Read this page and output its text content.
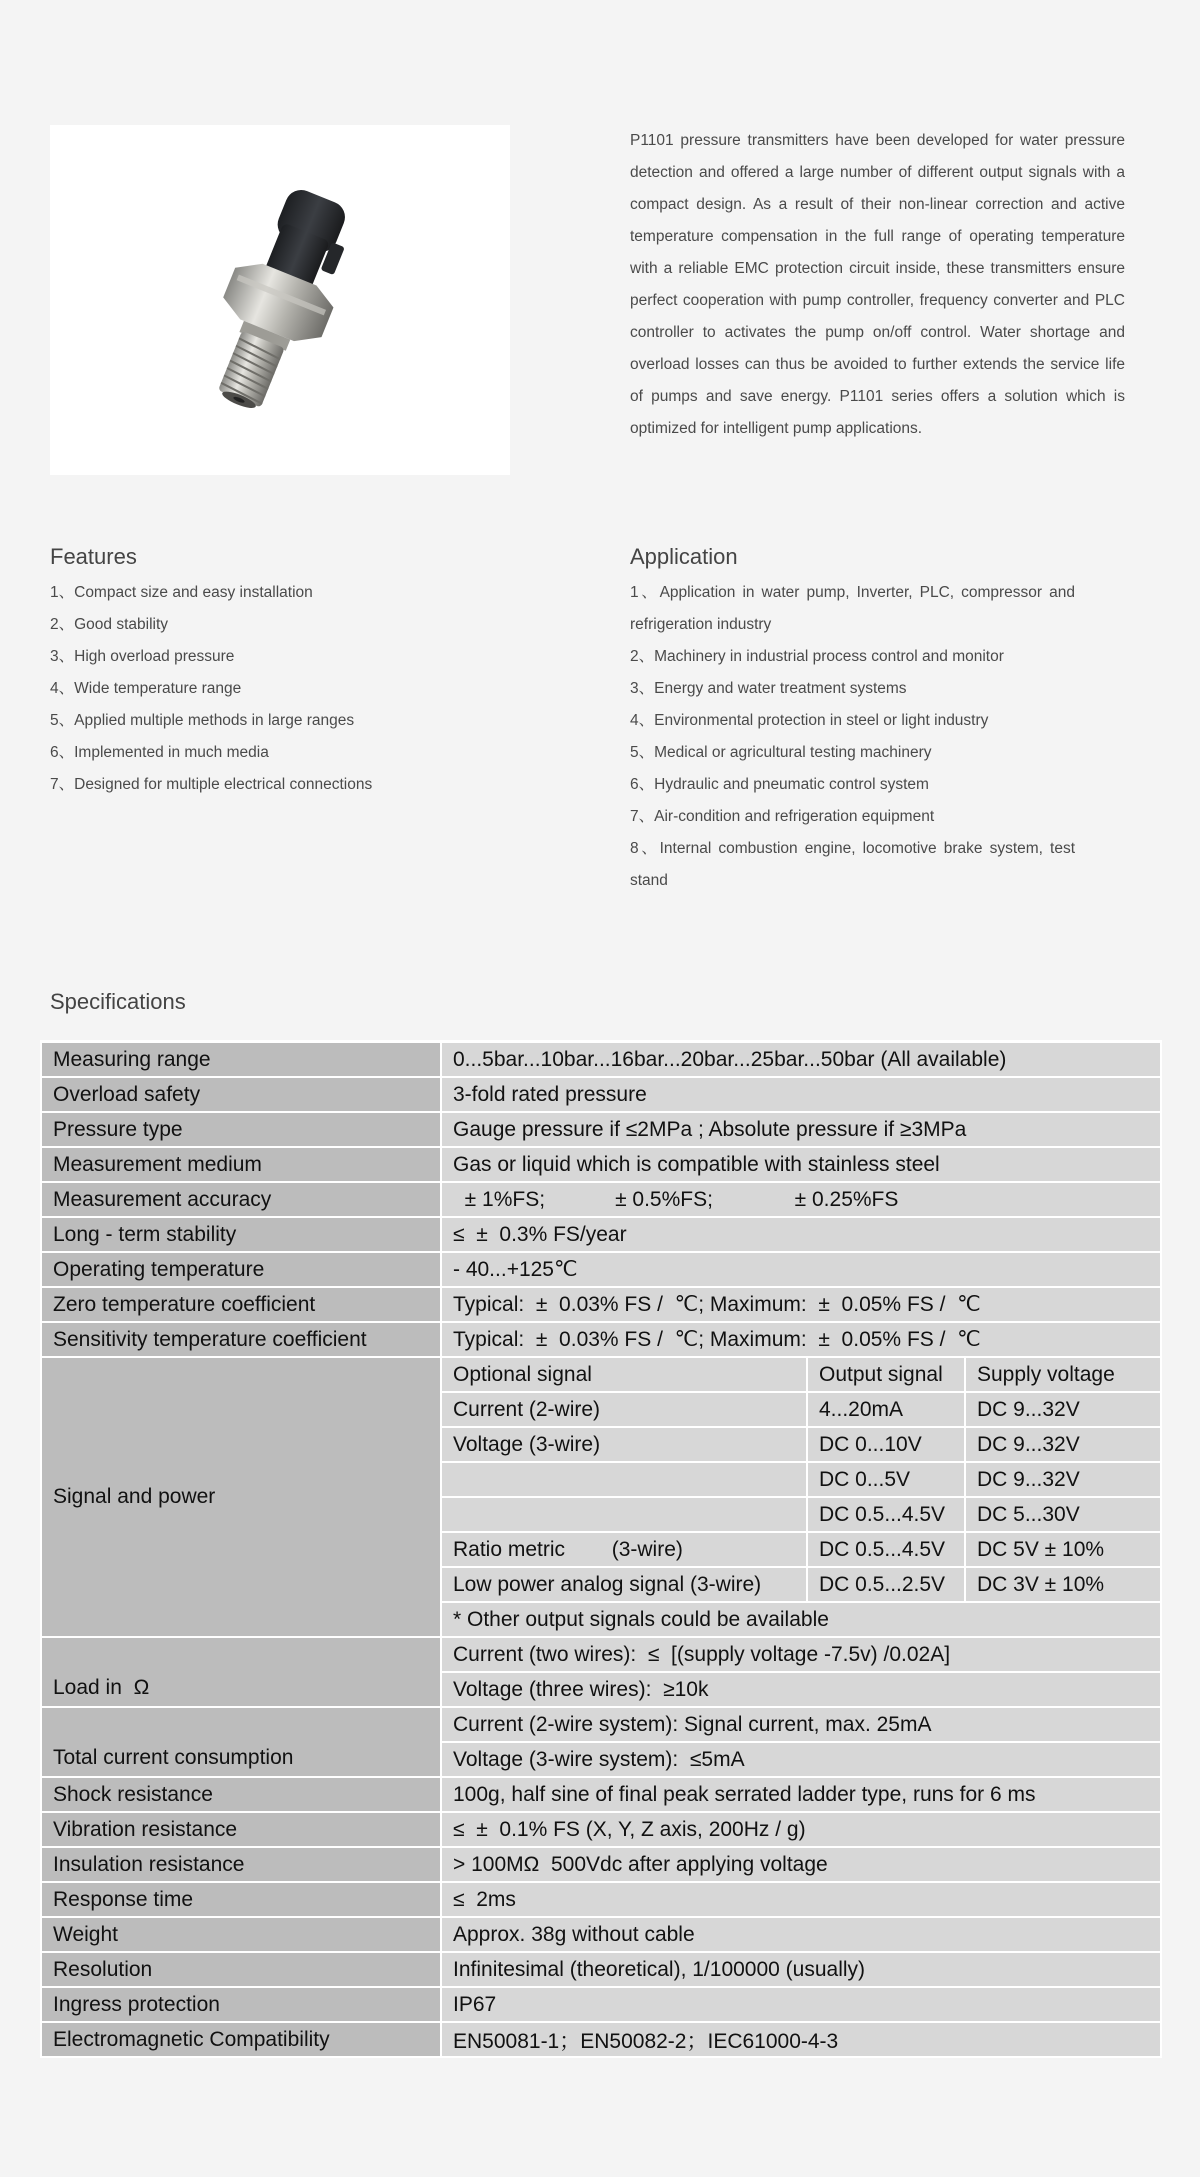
P1101 pressure transmitters have been developed for water pressure detection and offered a large number of different output signals with a compact design. As a result of their non-linear correction and active temperature compensation in the full range of operating temperature with a reliable EMC protection circuit inside, these transmitters ensure perfect cooperation with pump controller, frequency converter and PLC controller to activates the pump on/off control. Water shortage and overload losses can thus be avoided to further extends the service life of pumps and save energy. P1101 series offers a solution which is optimized for intelligent pump applications.

Features
1、Compact size and easy installation
2、Good stability
3、High overload pressure
4、Wide temperature range
5、Applied multiple methods in large ranges
6、Implemented in much media
7、Designed for multiple electrical connections
Application
1、Application in water pump, Inverter, PLC, compressor and refrigeration industry
2、Machinery in industrial process control and monitor
3、Energy and water treatment systems
4、Environmental protection in steel or light industry
5、Medical or agricultural testing machinery
6、Hydraulic and pneumatic control system
7、Air-condition and refrigeration equipment
8、Internal combustion engine, locomotive brake system, test stand
Specifications
Measuring range	0...5bar...10bar...16bar...20bar...25bar...50bar (All available)		
Overload safety	3-fold rated pressure		
Pressure type	Gauge pressure if ≤2MPa ; Absolute pressure if ≥3MPa		
Measurement medium	Gas or liquid which is compatible with stainless steel		
Measurement accuracy	± 1%FS;            ± 0.5%FS;              ± 0.25%FS		
Long - term stability	≤  ±  0.3% FS/year		
Operating temperature	- 40...+125℃		
Zero temperature coefficient	Typical:  ±  0.03% FS /  ℃; Maximum:  ±  0.05% FS /  ℃		
Sensitivity temperature coefficient	Typical:  ±  0.03% FS /  ℃; Maximum:  ±  0.05% FS /  ℃		
Signal and power	Optional signal	Output signal	Supply voltage
	Current (2-wire)	4...20mA	DC 9...32V
	Voltage (3-wire)	DC 0...10V	DC 9...32V
		DC 0...5V	DC 9...32V
		DC 0.5...4.5V	DC 5...30V
	Ratio metric        (3-wire)	DC 0.5...4.5V	DC 5V ± 10%
	Low power analog signal (3-wire)	DC 0.5...2.5V	DC 3V ± 10%
	* Other output signals could be available		
Load in  Ω	Current (two wires):  ≤  [(supply voltage -7.5v) /0.02A]		
	Voltage (three wires):  ≥10k		
Total current consumption	Current (2-wire system): Signal current, max. 25mA		
	Voltage (3-wire system):  ≤5mA		
Shock resistance	100g, half sine of final peak serrated ladder type, runs for 6 ms		
Vibration resistance	≤  ±  0.1% FS (X, Y, Z axis, 200Hz / g)		
Insulation resistance	> 100MΩ  500Vdc after applying voltage		
Response time	≤  2ms		
Weight	Approx. 38g without cable		
Resolution	Infinitesimal (theoretical), 1/100000 (usually)		
Ingress protection	IP67		
Electromagnetic Compatibility	EN50081-1；EN50082-2；IEC61000-4-3		
